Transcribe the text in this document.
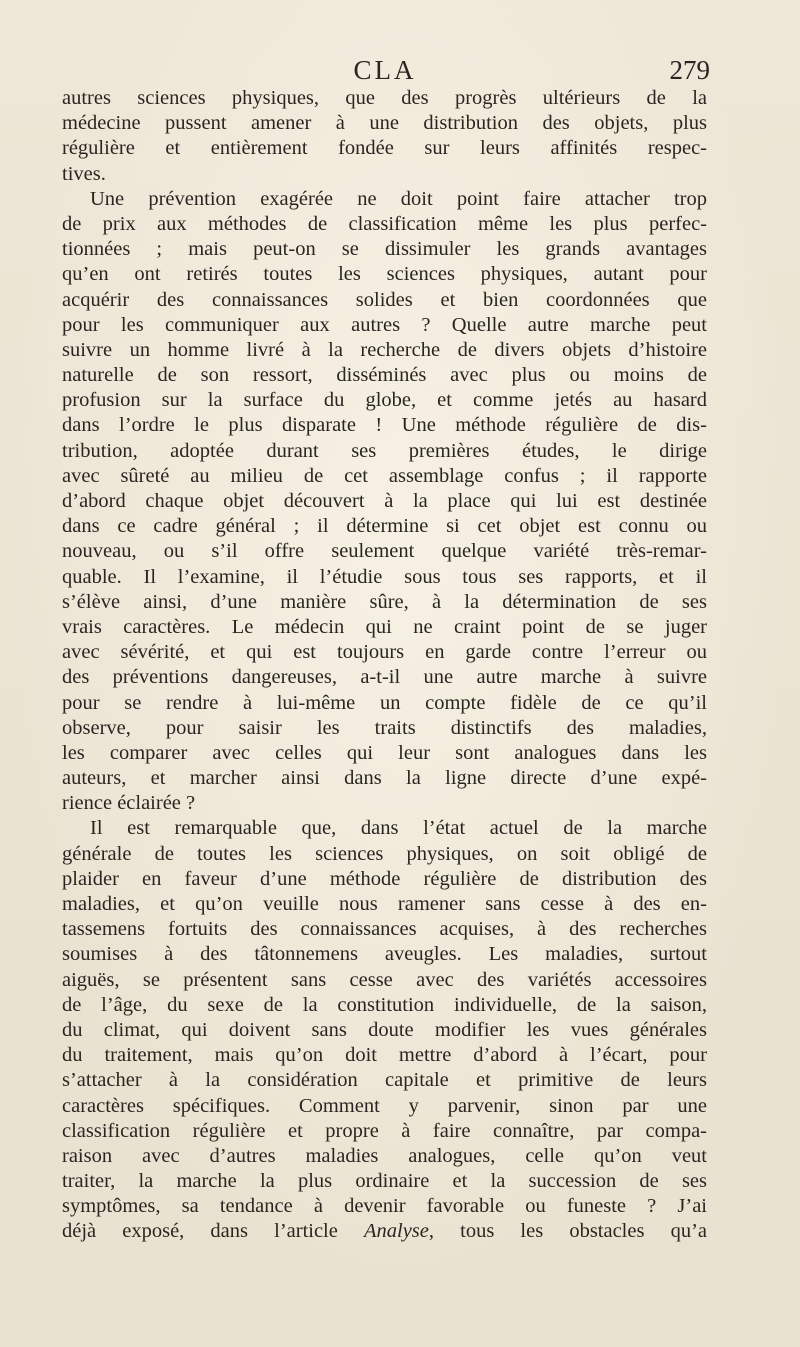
CLA	279
autres sciences physiques, que des progrès ultérieurs de la
médecine pussent amener à une distribution des objets, plus
régulière et entièrement fondée sur leurs affinités respec-
tives.
Une prévention exagérée ne doit point faire attacher trop
de prix aux méthodes de classification même les plus perfec-
tionnées ; mais peut-on se dissimuler les grands avantages
qu’en ont retirés toutes les sciences physiques, autant pour
acquérir des connaissances solides et bien coordonnées que
pour les communiquer aux autres ? Quelle autre marche peut
suivre un homme livré à la recherche de divers objets d’histoire
naturelle de son ressort, disséminés avec plus ou moins de
profusion sur la surface du globe, et comme jetés au hasard
dans l’ordre le plus disparate ! Une méthode régulière de dis-
tribution, adoptée durant ses premières études, le dirige
avec sûreté au milieu de cet assemblage confus ; il rapporte
d’abord chaque objet découvert à la place qui lui est destinée
dans ce cadre général ; il détermine si cet objet est connu ou
nouveau, ou s’il offre seulement quelque variété très-remar-
quable. Il l’examine, il l’étudie sous tous ses rapports, et il
s’élève ainsi, d’une manière sûre, à la détermination de ses
vrais caractères. Le médecin qui ne craint point de se juger
avec sévérité, et qui est toujours en garde contre l’erreur ou
des préventions dangereuses, a-t-il une autre marche à suivre
pour se rendre à lui-même un compte fidèle de ce qu’il
observe, pour saisir les traits distinctifs des maladies,
les comparer avec celles qui leur sont analogues dans les
auteurs, et marcher ainsi dans la ligne directe d’une expé-
rience éclairée ?
Il est remarquable que, dans l’état actuel de la marche
générale de toutes les sciences physiques, on soit obligé de
plaider en faveur d’une méthode régulière de distribution des
maladies, et qu’on veuille nous ramener sans cesse à des en-
tassemens fortuits des connaissances acquises, à des recherches
soumises à des tâtonnemens aveugles. Les maladies, surtout
aiguës, se présentent sans cesse avec des variétés accessoires
de l’âge, du sexe de la constitution individuelle, de la saison,
du climat, qui doivent sans doute modifier les vues générales
du traitement, mais qu’on doit mettre d’abord à l’écart, pour
s’attacher à la considération capitale et primitive de leurs
caractères spécifiques. Comment y parvenir, sinon par une
classification régulière et propre à faire connaître, par compa-
raison avec d’autres maladies analogues, celle qu’on veut
traiter, la marche la plus ordinaire et la succession de ses
symptômes, sa tendance à devenir favorable ou funeste ? J’ai
déjà exposé, dans l’article Analyse, tous les obstacles qu’a
